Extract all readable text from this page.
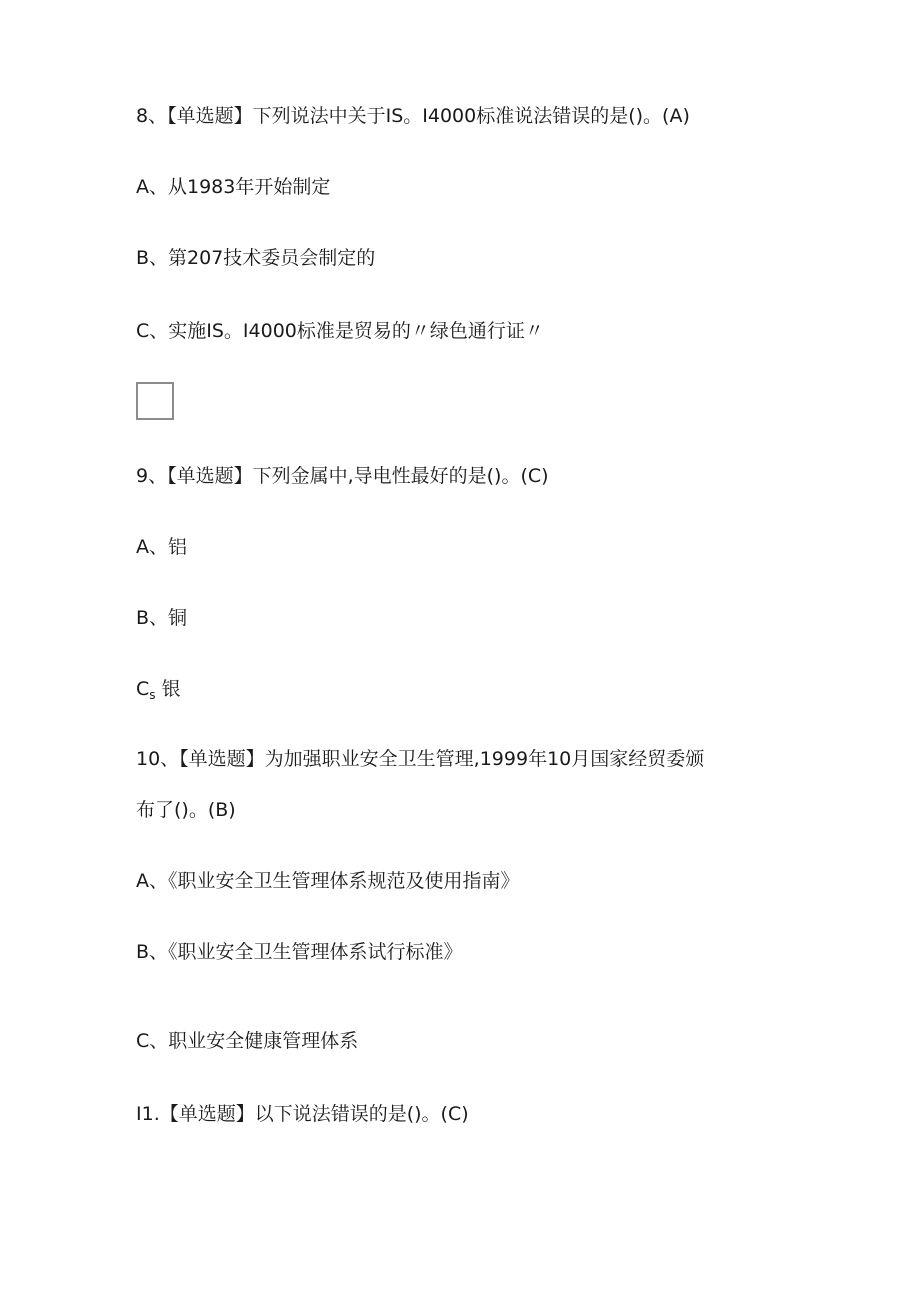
8、【单选题】下列说法中关于IS。I4000标准说法错误的是()。(A)
A、从1983年开始制定
B、第207技术委员会制定的
C、实施IS。I4000标准是贸易的〃绿色通行证〃
9、【单选题】下列金属中,导电性最好的是()。(C)
A、铝
B、铜
$C_s$ 银
10、【单选题】为加强职业安全卫生管理,1999年10月国家经贸委颁
布了()。(B)
A、《职业安全卫生管理体系规范及使用指南》
B、《职业安全卫生管理体系试行标准》
C、职业安全健康管理体系
I1.【单选题】以下说法错误的是()。(C)
